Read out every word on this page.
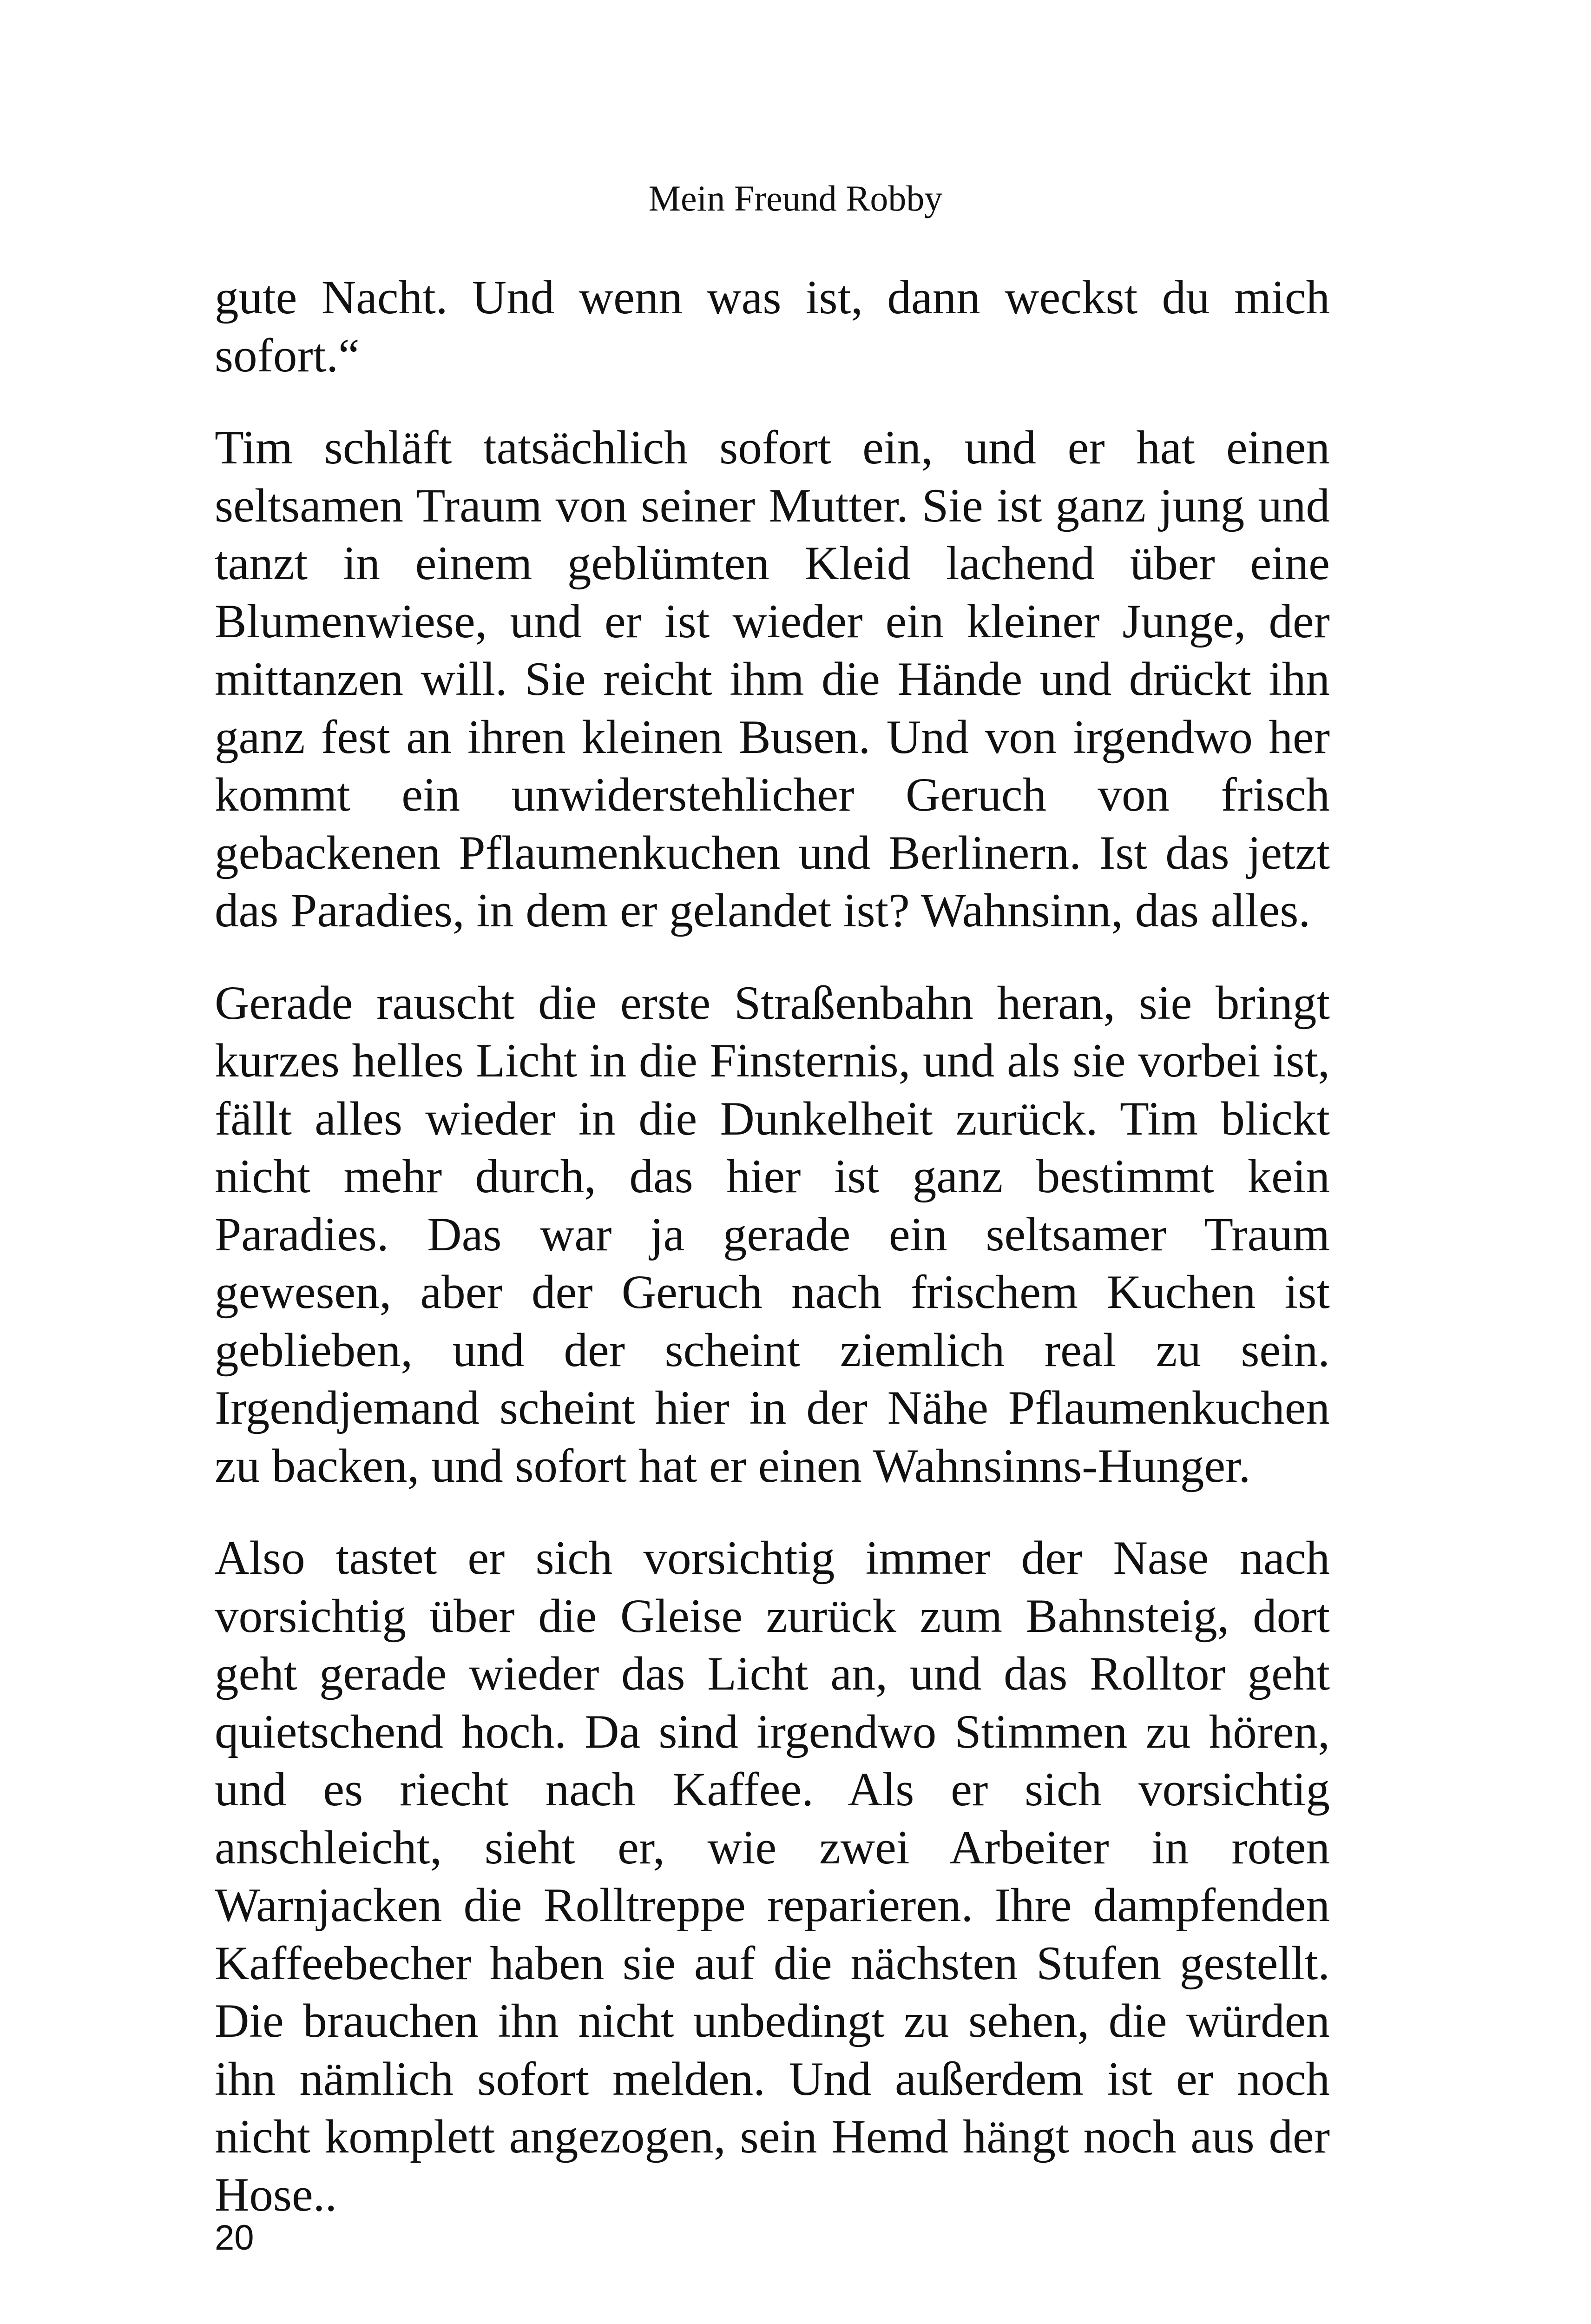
Mein Freund Robby

gute Nacht. Und wenn was ist, dann weckst du mich sofort.“

Tim schläft tatsächlich sofort ein, und er hat einen seltsamen Traum von seiner Mutter. Sie ist ganz jung und tanzt in einem geblümten Kleid lachend über eine Blumenwiese, und er ist wieder ein kleiner Junge, der mittanzen will. Sie reicht ihm die Hände und drückt ihn ganz fest an ihren kleinen Busen. Und von irgendwo her kommt ein unwiderstehlicher Geruch von frisch gebackenen Pflaumenkuchen und Berlinern. Ist das jetzt das Paradies, in dem er gelandet ist? Wahnsinn, das alles.

Gerade rauscht die erste Straßenbahn heran, sie bringt kurzes helles Licht in die Finsternis, und als sie vorbei ist, fällt alles wieder in die Dunkelheit zurück. Tim blickt nicht mehr durch, das hier ist ganz bestimmt kein Paradies. Das war ja gerade ein seltsamer Traum gewesen, aber der Geruch nach frischem Kuchen ist geblieben, und der scheint ziemlich real zu sein. Irgendjemand scheint hier in der Nähe Pflaumenkuchen zu backen, und sofort hat er einen Wahnsinns-Hunger.

Also tastet er sich vorsichtig immer der Nase nach vorsichtig über die Gleise zurück zum Bahnsteig, dort geht gerade wieder das Licht an, und das Rolltor geht quietschend hoch. Da sind irgendwo Stimmen zu hören, und es riecht nach Kaffee. Als er sich vorsichtig anschleicht, sieht er, wie zwei Arbeiter in roten Warnjacken die Rolltreppe reparieren. Ihre dampfenden Kaffeebecher haben sie auf die nächsten Stufen gestellt. Die brauchen ihn nicht unbedingt zu sehen, die würden ihn nämlich sofort melden. Und außerdem ist er noch nicht komplett angezogen, sein Hemd hängt noch aus der Hose..

20
